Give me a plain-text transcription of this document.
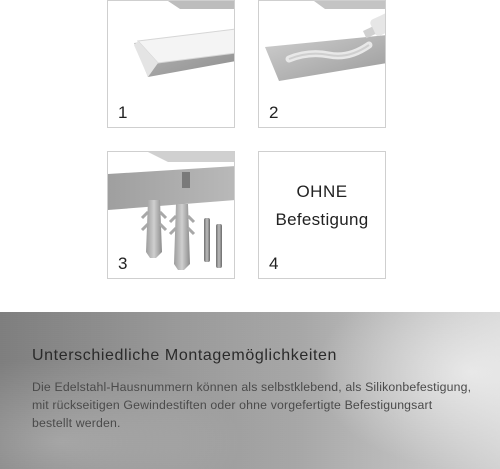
1	2
3
OHNE
Befestigung
4
Unterschiedliche Montagemöglichkeiten
Die Edelstahl-Hausnummern können als selbstklebend, als Silikonbefestigung, mit rückseitigen Gewindestiften oder ohne vorgefertigte Befestigungsart bestellt werden.
